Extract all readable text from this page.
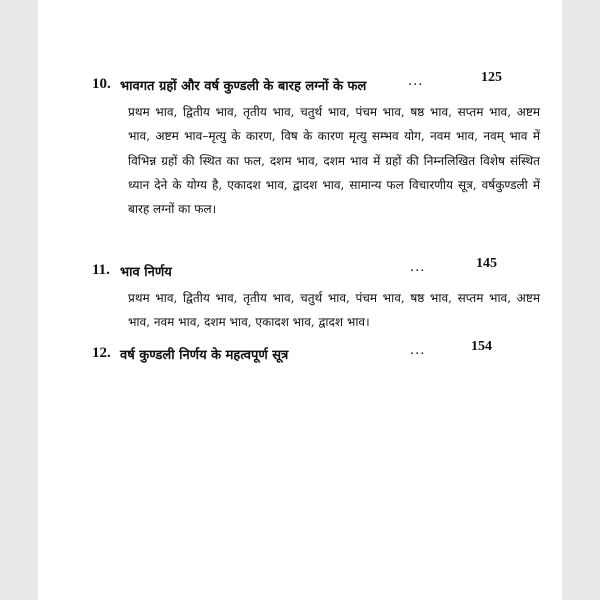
10. भावगत ग्रहों और वर्ष कुण्डली के बारह लग्नों के फल	...	125

प्रथम भाव, द्वितीय भाव, तृतीय भाव, चतुर्थ भाव, पंचम भाव, षष्ठ भाव, सप्तम भाव, अष्टम भाव, अष्टम भाव–मृत्यु के कारण, विष के कारण मृत्यु सम्भव योग, नवम भाव, नवम् भाव में विभिन्न ग्रहों की स्थित का फल, दशम भाव, दशम भाव में ग्रहों की निम्नलिखित विशेष संस्थित ध्यान देने के योग्य है, एकादश भाव, द्वादश भाव, सामान्य फल विचारणीय सूत्र, वर्षकुण्डली में बारह लग्नों का फल।

11. भाव निर्णय	...	145

प्रथम भाव, द्वितीय भाव, तृतीय भाव, चतुर्थ भाव, पंचम भाव, षष्ठ भाव, सप्तम भाव, अष्टम भाव, नवम भाव, दशम भाव, एकादश भाव, द्वादश भाव।

12. वर्ष कुण्डली निर्णय के महत्वपूर्ण सूत्र	...	154
